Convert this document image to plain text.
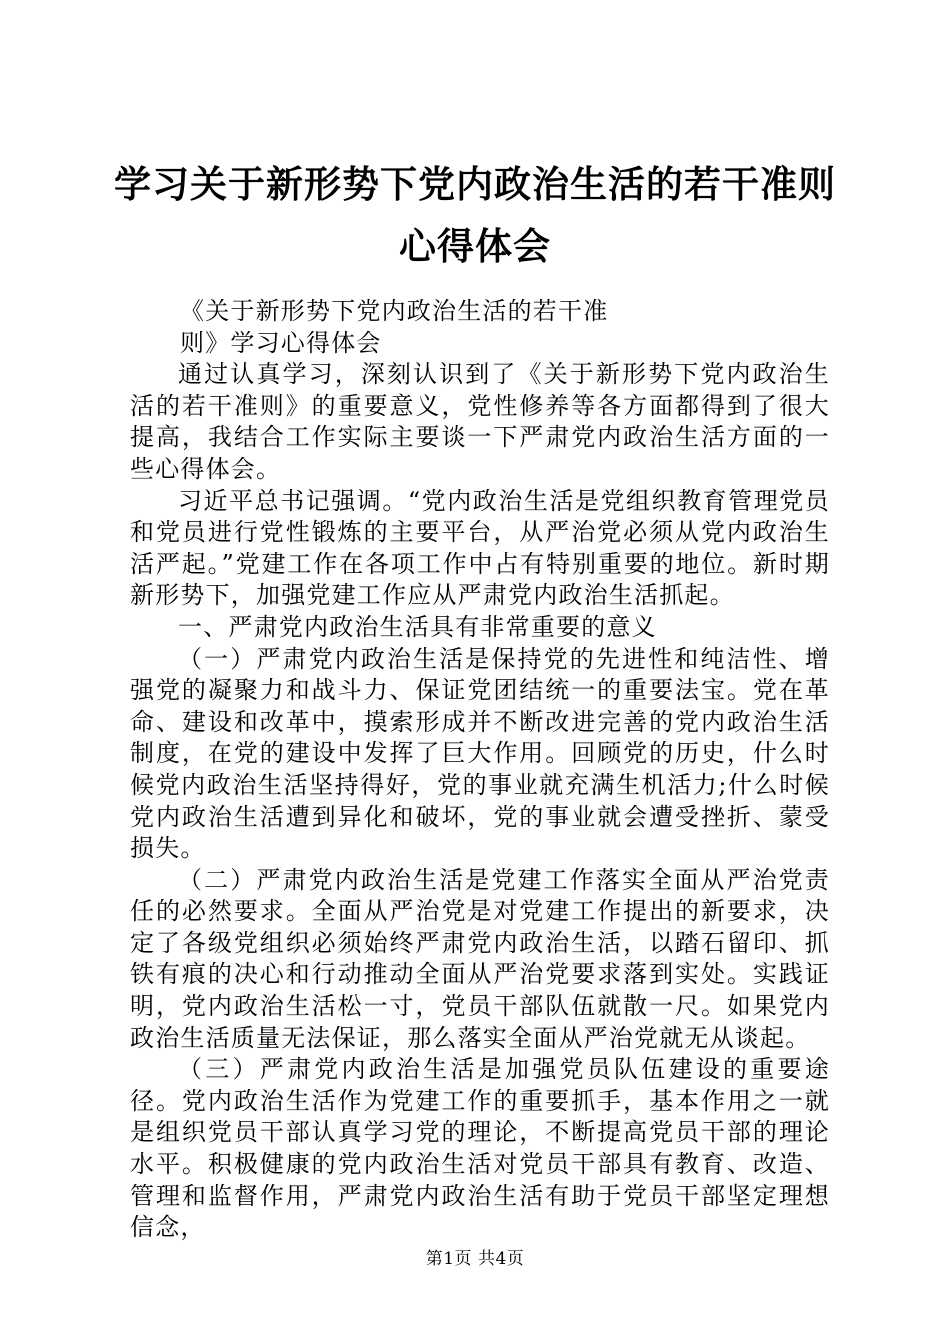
学习关于新形势下党内政治生活的若干准则心得体会

《关于新形势下党内政治生活的若干准

则》学习心得体会

通过认真学习，深刻认识到了《关于新形势下党内政治生活的若干准则》的重要意义，党性修养等各方面都得到了很大提高，我结合工作实际主要谈一下严肃党内政治生活方面的一些心得体会。

习近平总书记强调。“党内政治生活是党组织教育管理党员和党员进行党性锻炼的主要平台，从严治党必须从党内政治生活严起。”党建工作在各项工作中占有特别重要的地位。新时期新形势下，加强党建工作应从严肃党内政治生活抓起。

一、严肃党内政治生活具有非常重要的意义

（一）严肃党内政治生活是保持党的先进性和纯洁性、增强党的凝聚力和战斗力、保证党团结统一的重要法宝。党在革命、建设和改革中，摸索形成并不断改进完善的党内政治生活制度，在党的建设中发挥了巨大作用。回顾党的历史，什么时候党内政治生活坚持得好，党的事业就充满生机活力;什么时候党内政治生活遭到异化和破坏，党的事业就会遭受挫折、蒙受损失。

（二）严肃党内政治生活是党建工作落实全面从严治党责任的必然要求。全面从严治党是对党建工作提出的新要求，决定了各级党组织必须始终严肃党内政治生活，以踏石留印、抓铁有痕的决心和行动推动全面从严治党要求落到实处。实践证明，党内政治生活松一寸，党员干部队伍就散一尺。如果党内政治生活质量无法保证，那么落实全面从严治党就无从谈起。

（三）严肃党内政治生活是加强党员队伍建设的重要途径。党内政治生活作为党建工作的重要抓手，基本作用之一就是组织党员干部认真学习党的理论，不断提高党员干部的理论水平。积极健康的党内政治生活对党员干部具有教育、改造、管理和监督作用，严肃党内政治生活有助于党员干部坚定理想信念，

第1页 共4页
